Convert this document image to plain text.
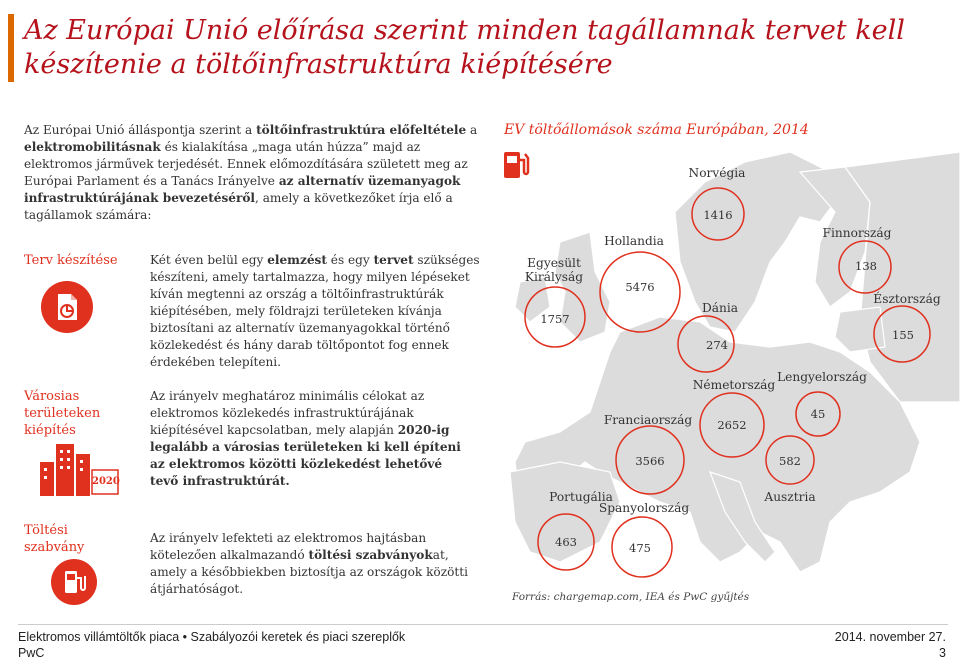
Az Európai Unió előírása szerint minden tagállamnak tervet kell
készítenie a töltőinfrastruktúra kiépítésére
Az Európai Unió álláspontja szerint a töltőinfrastruktúra előfeltétele a elektromobilitásnak és kialakítása „maga után húzza” majd az elektromos járművek terjedését. Ennek előmozdítására született meg az Európai Parlament és a Tanács Irányelve az alternatív üzemanyagok infrastruktúrájának bevezetéséről, amely a következőket írja elő a tagállamok számára:
Terv készítése	Két éven belül egy elemzést és egy tervet szükséges készíteni, amely tartalmazza, hogy milyen lépéseket kíván megtenni az ország a töltőinfrastruktúrák kiépítésében, mely földrajzi területeken kívánja biztosítani az alternatív üzemanyagokkal történő közlekedést és hány darab töltőpontot fog ennek érdekében telepíteni.
Városias
területeken
kiépítés
2020
Az irányelv meghatároz minimális célokat az elektromos közlekedés infrastruktúrájának kiépítésével kapcsolatban, mely alapján 2020-ig legalább a városias területeken ki kell építeni az elektromos közötti közlekedést lehetővé tevő infrastruktúrát.
Töltési
szabvány
Az irányelv lefekteti az elektromos hajtásban kötelezően alkalmazandó töltési szabványokat, amely a későbbiekben biztosítja az országok közötti átjárhatóságot.
EV töltőállomások száma Európában, 2014
Norvégia
1416
Egyesült
Királyság
1757
Hollandia
5476
Finnország
138
Észtország
155
Dánia
274
Németország
2652
Lengyelország
45
Franciaország
3566
Ausztria
582
Portugália
463
Spanyolország
475
Forrás: chargemap.com, IEA és PwC gyűjtés
Elektromos villámtöltők piaca • Szabályozói keretek és piaci szereplők
PwC
2014. november 27.
3
